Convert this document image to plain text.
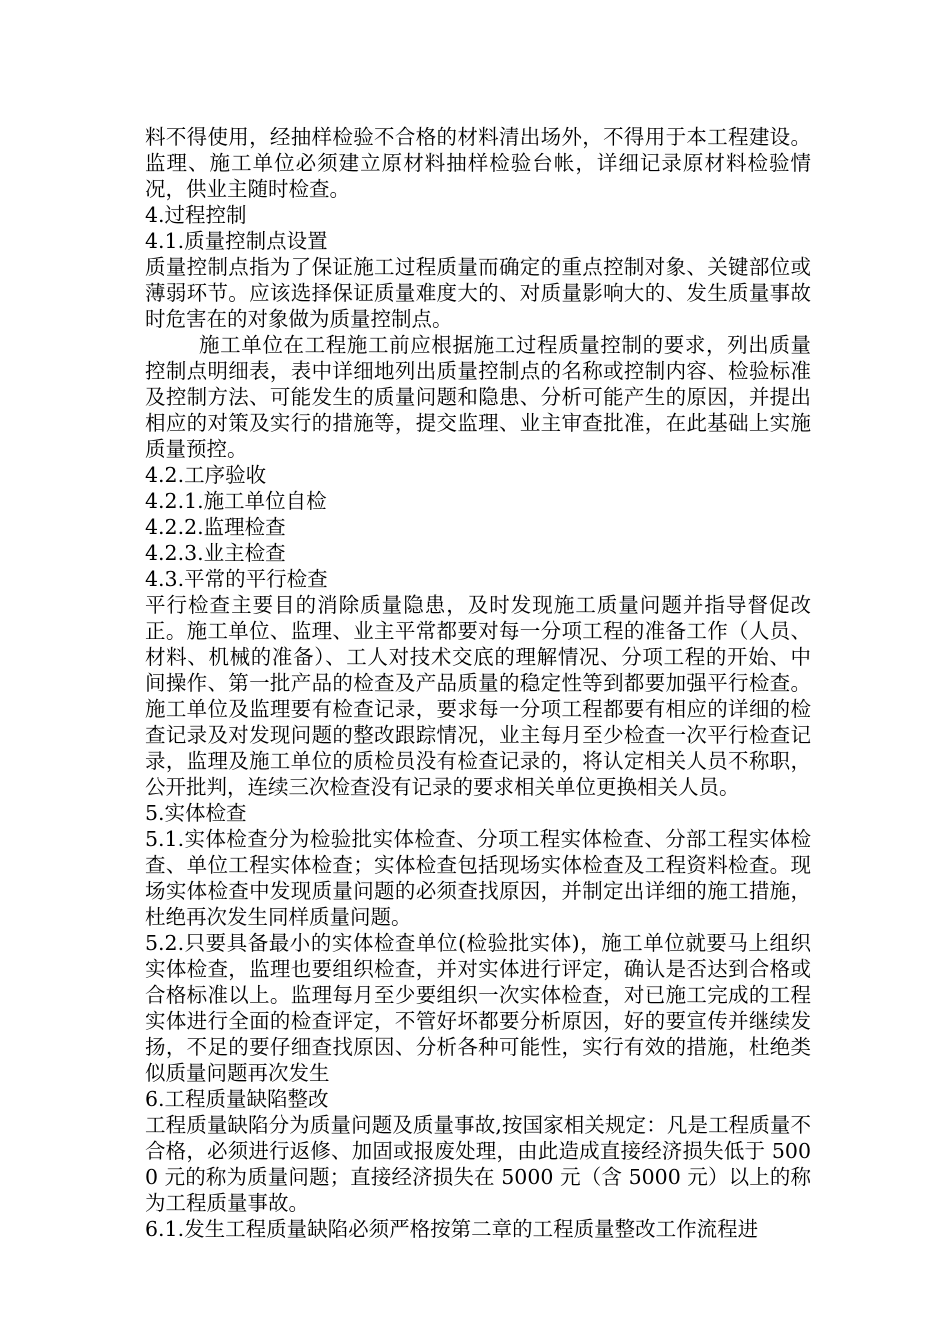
料不得使用，经抽样检验不合格的材料清出场外，不得用于本工程建设。监理、施工单位必须建立原材料抽样检验台帐，详细记录原材料检验情况，供业主随时检查。

4.过程控制

4.1.质量控制点设置

质量控制点指为了保证施工过程质量而确定的重点控制对象、关键部位或薄弱环节。应该选择保证质量难度大的、对质量影响大的、发生质量事故时危害在的对象做为质量控制点。

施工单位在工程施工前应根据施工过程质量控制的要求，列出质量控制点明细表，表中详细地列出质量控制点的名称或控制内容、检验标准及控制方法、可能发生的质量问题和隐患、分析可能产生的原因，并提出相应的对策及实行的措施等，提交监理、业主审查批准，在此基础上实施质量预控。

4.2.工序验收

4.2.1.施工单位自检

4.2.2.监理检查

4.2.3.业主检查

4.3.平常的平行检查

平行检查主要目的消除质量隐患，及时发现施工质量问题并指导督促改正。施工单位、监理、业主平常都要对每一分项工程的准备工作（人员、材料、机械的准备）、工人对技术交底的理解情况、分项工程的开始、中间操作、第一批产品的检查及产品质量的稳定性等到都要加强平行检查。施工单位及监理要有检查记录，要求每一分项工程都要有相应的详细的检查记录及对发现问题的整改跟踪情况，业主每月至少检查一次平行检查记录，监理及施工单位的质检员没有检查记录的，将认定相关人员不称职，公开批判，连续三次检查没有记录的要求相关单位更换相关人员。

5.实体检查

5.1.实体检查分为检验批实体检查、分项工程实体检查、分部工程实体检查、单位工程实体检查；实体检查包括现场实体检查及工程资料检查。现场实体检查中发现质量问题的必须查找原因，并制定出详细的施工措施，杜绝再次发生同样质量问题。

5.2.只要具备最小的实体检查单位(检验批实体)，施工单位就要马上组织实体检查，监理也要组织检查，并对实体进行评定，确认是否达到合格或合格标准以上。监理每月至少要组织一次实体检查，对已施工完成的工程实体进行全面的检查评定，不管好坏都要分析原因，好的要宣传并继续发扬，不足的要仔细查找原因、分析各种可能性，实行有效的措施，杜绝类似质量问题再次发生

6.工程质量缺陷整改

工程质量缺陷分为质量问题及质量事故,按国家相关规定：凡是工程质量不合格，必须进行返修、加固或报废处理，由此造成直接经济损失低于 5000 元的称为质量问题；直接经济损失在 5000 元（含 5000 元）以上的称为工程质量事故。

6.1.发生工程质量缺陷必须严格按第二章的工程质量整改工作流程进
